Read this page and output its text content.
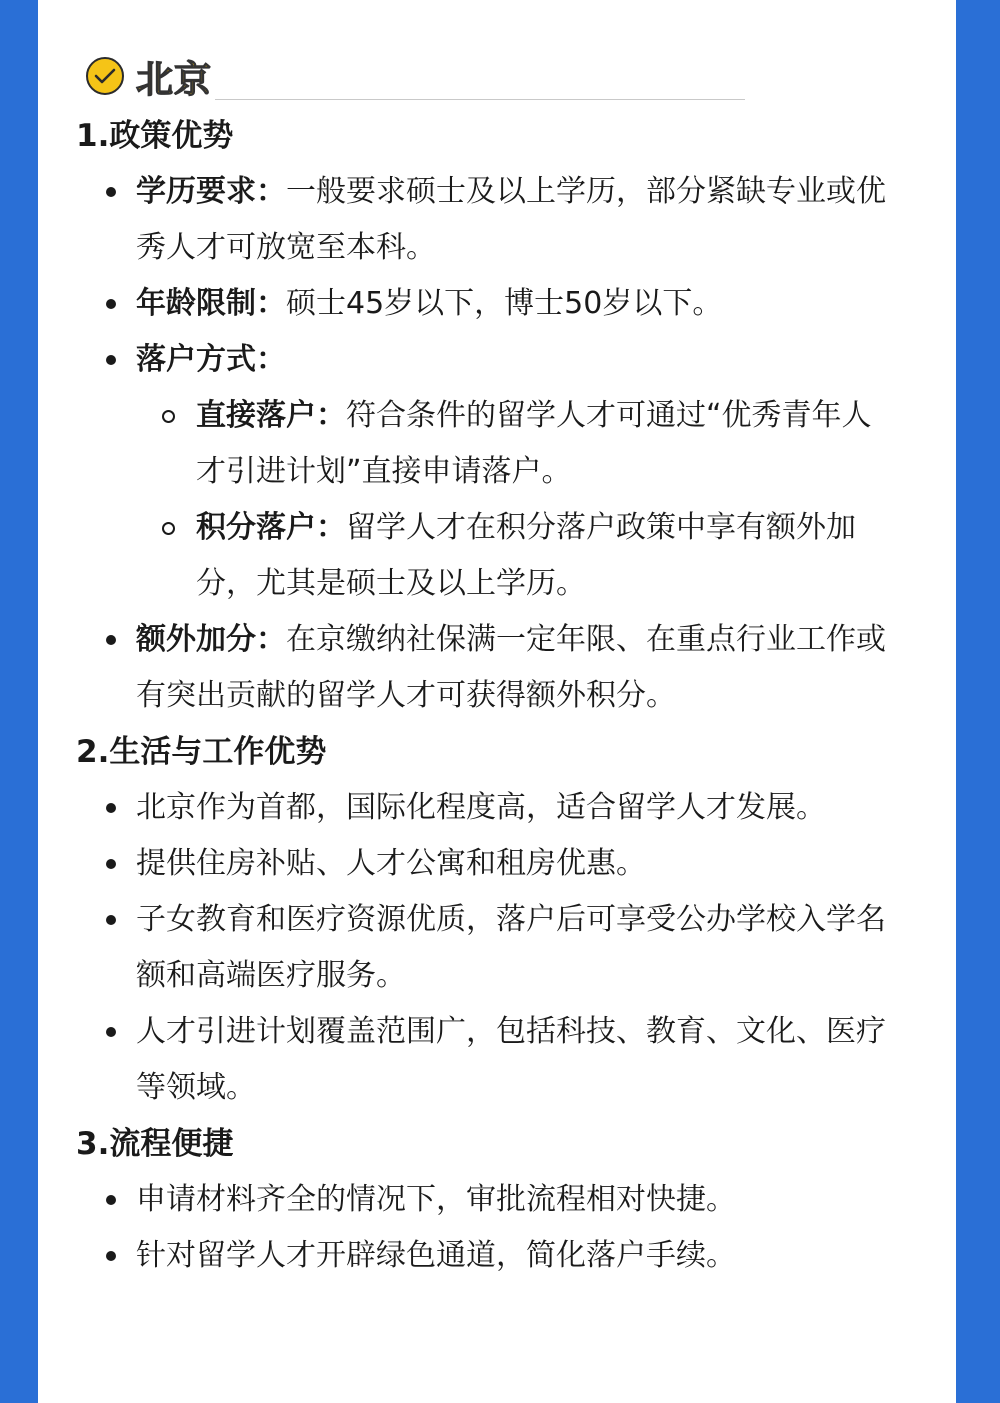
北京

1.政策优势

学历要求：一般要求硕士及以上学历，部分紧缺专业或优秀人才可放宽至本科。
年龄限制：硕士45岁以下，博士50岁以下。
落户方式：
直接落户：符合条件的留学人才可通过“优秀青年人才引进计划”直接申请落户。
积分落户：留学人才在积分落户政策中享有额外加分，尤其是硕士及以上学历。
额外加分：在京缴纳社保满一定年限、在重点行业工作或有突出贡献的留学人才可获得额外积分。

2.生活与工作优势

北京作为首都，国际化程度高，适合留学人才发展。
提供住房补贴、人才公寓和租房优惠。
子女教育和医疗资源优质，落户后可享受公办学校入学名额和高端医疗服务。
人才引进计划覆盖范围广，包括科技、教育、文化、医疗等领域。

3.流程便捷

申请材料齐全的情况下，审批流程相对快捷。
针对留学人才开辟绿色通道，简化落户手续。
